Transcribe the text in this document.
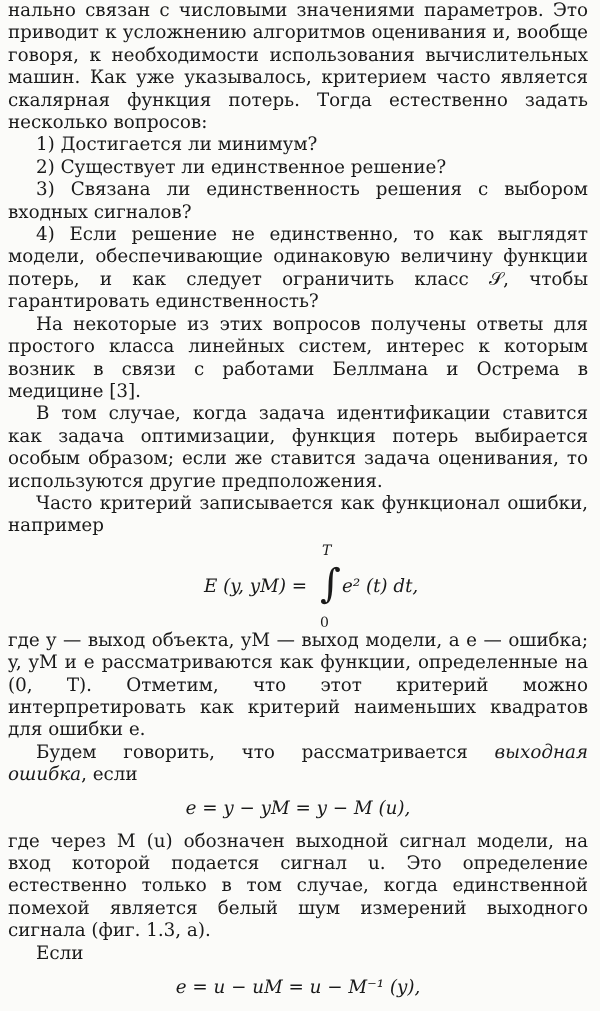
нально связан с числовыми значениями параметров. Это приводит к усложнению алгоритмов оценивания и, вообще говоря, к необходимости использования вычислительных машин. Как уже указывалось, критерием часто является скалярная функция потерь. Тогда естественно задать несколько вопросов:

1) Достигается ли минимум?

2) Существует ли единственное решение?

3) Связана ли единственность решения с выбором входных сигналов?

4) Если решение не единственно, то как выглядят модели, обеспечивающие одинаковую величину функции потерь, и как следует ограничить класс 𝒮, чтобы гарантировать единственность?

На некоторые из этих вопросов получены ответы для простого класса линейных систем, интерес к которым возник в связи с работами Беллмана и Острема в медицине [3].

В том случае, когда задача идентификации ставится как задача оптимизации, функция потерь выбирается особым образом; если же ставится задача оценивания, то используются другие предположения.

Часто критерий записывается как функционал ошибки, например

E (y, yM) =
T
∫
0
e² (t) dt,

где y — выход объекта, yM — выход модели, а e — ошибка; y, yM и e рассматриваются как функции, определенные на (0, T). Отметим, что этот критерий можно интерпретировать как критерий наименьших квадратов для ошибки e.

Будем говорить, что рассматривается выходная ошибка, если

e = y − yM = y − M (u),

где через M (u) обозначен выходной сигнал модели, на вход которой подается сигнал u. Это определение естественно только в том случае, когда единственной помехой является белый шум измерений выходного сигнала (фиг. 1.3, а).

Если

e = u − uM = u − M⁻¹ (y),
